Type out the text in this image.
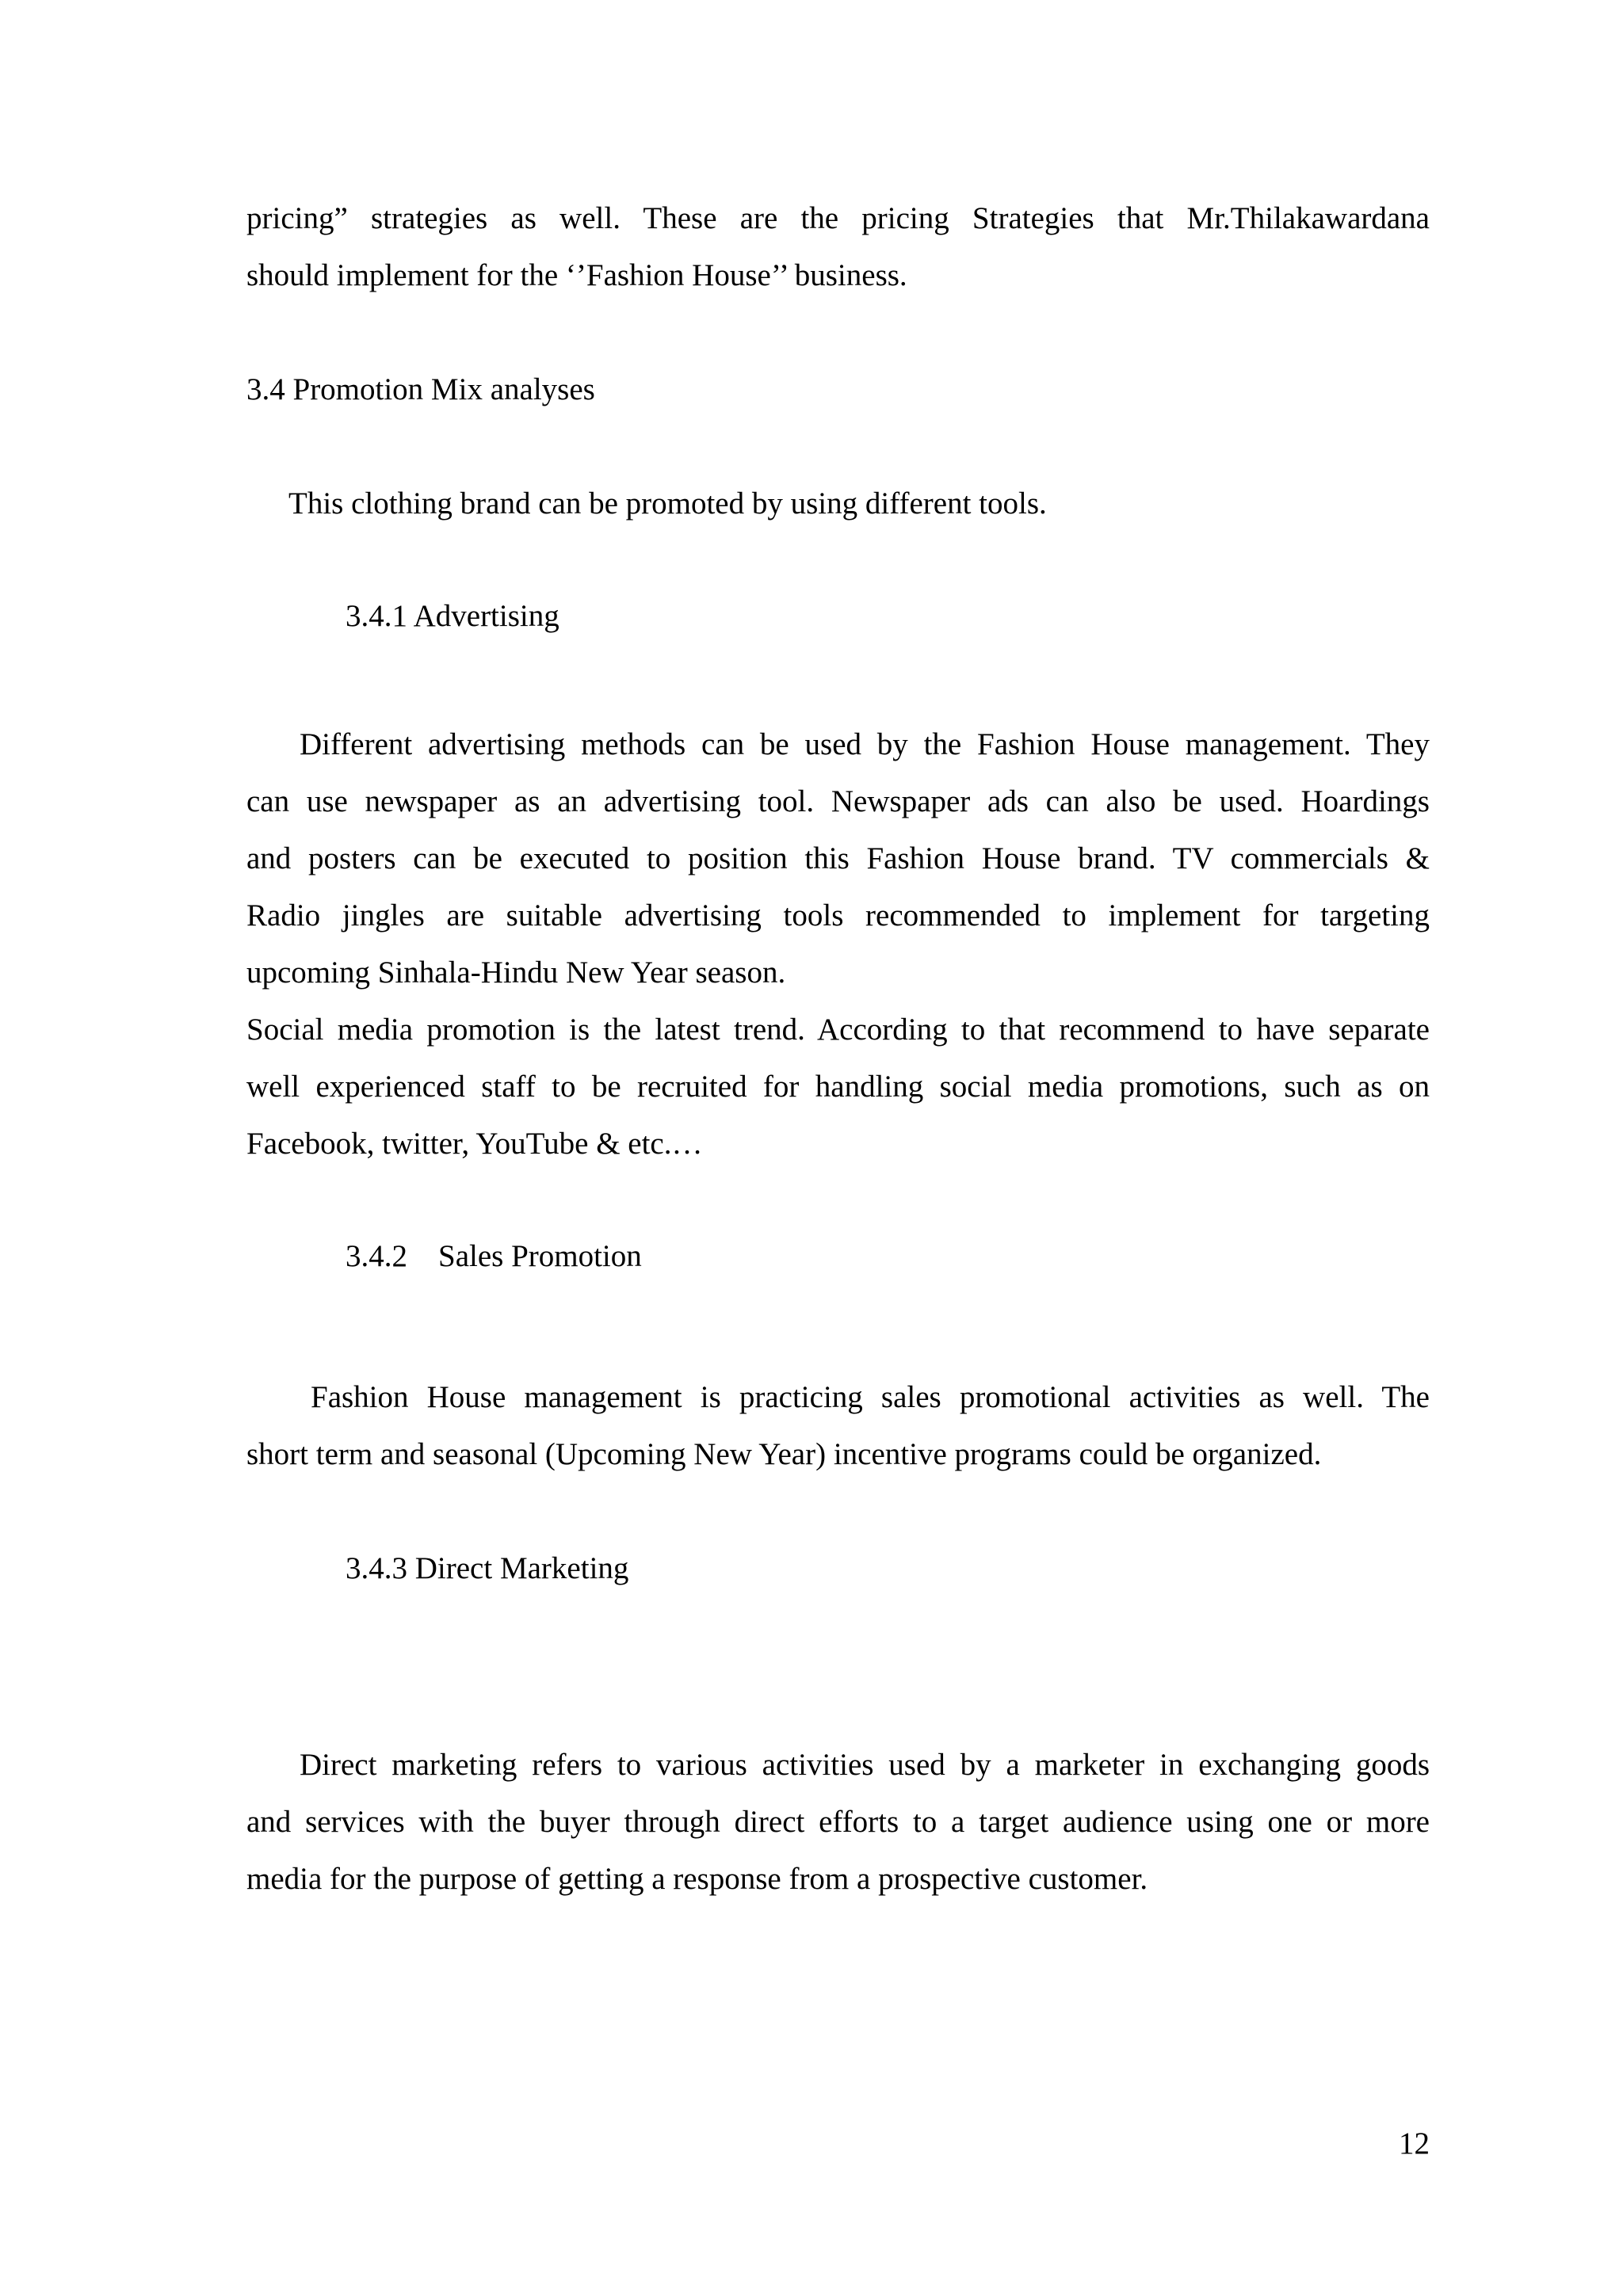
pricing” strategies as well. These are the pricing Strategies that Mr.Thilakawardana
should implement for the ‘’Fashion House’’ business.
3.4 Promotion Mix analyses
This clothing brand can be promoted by using different tools.
3.4.1 Advertising
Different advertising methods can be used by the Fashion House management. They
can use newspaper as an advertising tool. Newspaper ads can also be used. Hoardings
and posters can be executed to position this Fashion House brand. TV commercials &
Radio jingles are suitable advertising tools recommended to implement for targeting
upcoming Sinhala-Hindu New Year season.
Social media promotion is the latest trend. According to that recommend to have separate
well experienced staff to be recruited for handling social media promotions, such as on
Facebook, twitter, YouTube & etc.…
3.4.2    Sales Promotion
Fashion House management is practicing sales promotional activities as well. The
short term and seasonal (Upcoming New Year) incentive programs could be organized.
3.4.3 Direct Marketing
Direct marketing refers to various activities used by a marketer in exchanging goods
and services with the buyer through direct efforts to a target audience using one or more
media for the purpose of getting a response from a prospective customer.
12
